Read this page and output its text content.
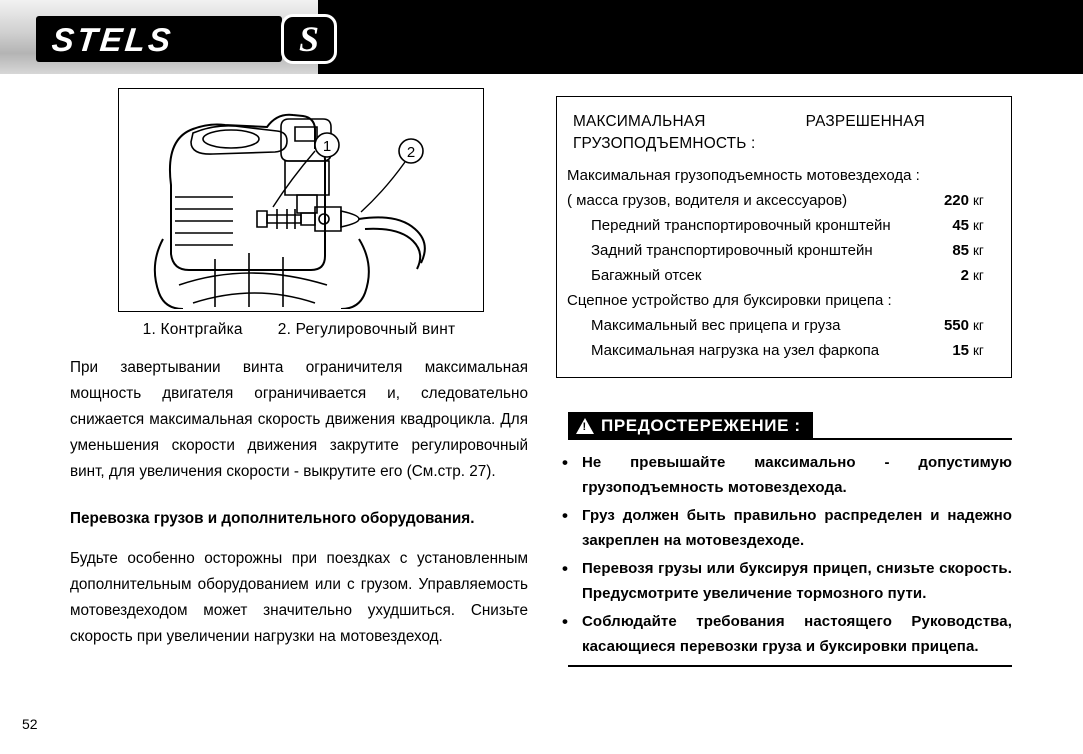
STELS	S
1	2
1. Контргайка 2. Регулировочный винт
При завертывании винта ограничителя максимальная мощность двигателя ограничивается и, следовательно снижается максимальная скорость движения квадроцикла. Для уменьшения скорости движения закрутите регулировочный винт, для увеличения скорости - выкрутите его (См.стр. 27).
Перевозка грузов и дополнительного оборудования.
Будьте особенно осторожны при поездках с установленным дополнительным оборудованием или с грузом. Управляемость мотовездеходом может значительно ухудшиться. Снизьте скорость при увеличении нагрузки на мотовездеход.
МАКСИМАЛЬНАЯ	РАЗРЕШЕННАЯ
ГРУЗОПОДЪЕМНОСТЬ :
Максимальная грузоподъемность мотовездехода :
( масса грузов, водителя и аксессуаров)	220 кг
Передний транспортировочный кронштейн	45 кг
Задний транспортировочный кронштейн	85 кг
Багажный отсек	2 кг
Сцепное устройство для буксировки прицепа :
Максимальный вес прицепа и груза	550 кг
Максимальная нагрузка на узел фаркопа	15 кг
!
ПРЕДОСТЕРЕЖЕНИЕ :
• Не превышайте максимально - допустимую грузоподъемность мотовездехода.
• Груз должен быть правильно распределен и надежно закреплен на мотовездеходе.
• Перевозя грузы или буксируя прицеп, снизьте скорость. Предусмотрите увеличение тормозного пути.
• Соблюдайте требования настоящего Руководства, касающиеся перевозки груза и буксировки прицепа.
52
